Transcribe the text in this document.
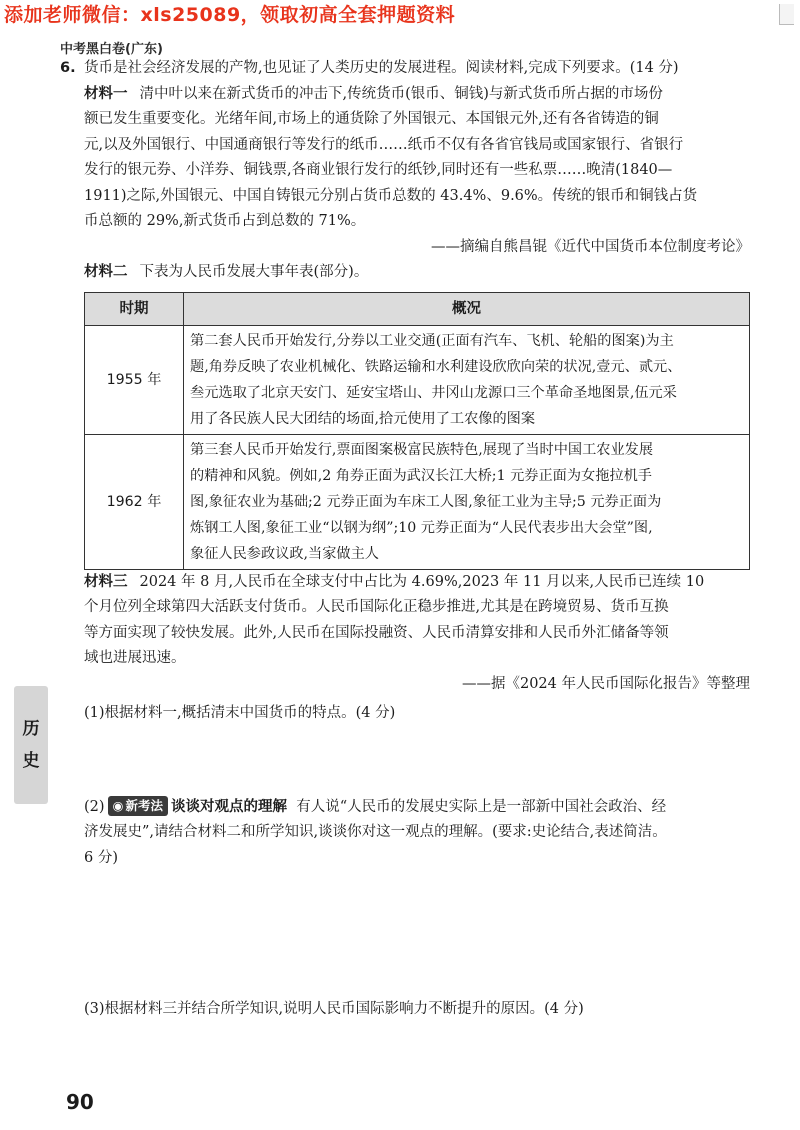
添加老师微信：xls25089，领取初高全套押题资料
中考黑白卷(广东)
6. 货币是社会经济发展的产物,也见证了人类历史的发展进程。阅读材料,完成下列要求。(14 分)

材料一 清中叶以来在新式货币的冲击下,传统货币(银币、铜钱)与新式货币所占据的市场份

额已发生重要变化。光绪年间,市场上的通货除了外国银元、本国银元外,还有各省铸造的铜

元,以及外国银行、中国通商银行等发行的纸币……纸币不仅有各省官钱局或国家银行、省银行

发行的银元券、小洋券、铜钱票,各商业银行发行的纸钞,同时还有一些私票……晚清(1840—

1911)之际,外国银元、中国自铸银元分别占货币总数的 43.4%、9.6%。传统的银币和铜钱占货

币总额的 29%,新式货币占到总数的 71%。

——摘编自熊昌锟《近代中国货币本位制度考论》

材料二 下表为人民币发展大事年表(部分)。

时期	概况
1955 年	第二套人民币开始发行,分券以工业交通(正面有汽车、飞机、轮船的图案)为主
题,角券反映了农业机械化、铁路运输和水利建设欣欣向荣的状况,壹元、贰元、
叁元选取了北京天安门、延安宝塔山、井冈山龙源口三个革命圣地图景,伍元采
用了各民族人民大团结的场面,拾元使用了工农像的图案

1962 年	第三套人民币开始发行,票面图案极富民族特色,展现了当时中国工农业发展
的精神和风貌。例如,2 角券正面为武汉长江大桥;1 元券正面为女拖拉机手
图,象征农业为基础;2 元券正面为车床工人图,象征工业为主导;5 元券正面为
炼钢工人图,象征工业“以钢为纲”;10 元券正面为“人民代表步出大会堂”图,
象征人民参政议政,当家做主人

材料三 2024 年 8 月,人民币在全球支付中占比为 4.69%,2023 年 11 月以来,人民币已连续 10

个月位列全球第四大活跃支付货币。人民币国际化正稳步推进,尤其是在跨境贸易、货币互换

等方面实现了较快发展。此外,人民币在国际投融资、人民币清算安排和人民币外汇储备等领

域也进展迅速。

——据《2024 年人民币国际化报告》等整理

(1)根据材料一,概括清末中国货币的特点。(4 分)

(2) ◉ 新考法 谈谈对观点的理解 有人说“人民币的发展史实际上是一部新中国社会政治、经

济发展史”,请结合材料二和所学知识,谈谈你对这一观点的理解。(要求:史论结合,表述简洁。

6 分)

(3)根据材料三并结合所学知识,说明人民币国际影响力不断提升的原因。(4 分)

历
史
90
